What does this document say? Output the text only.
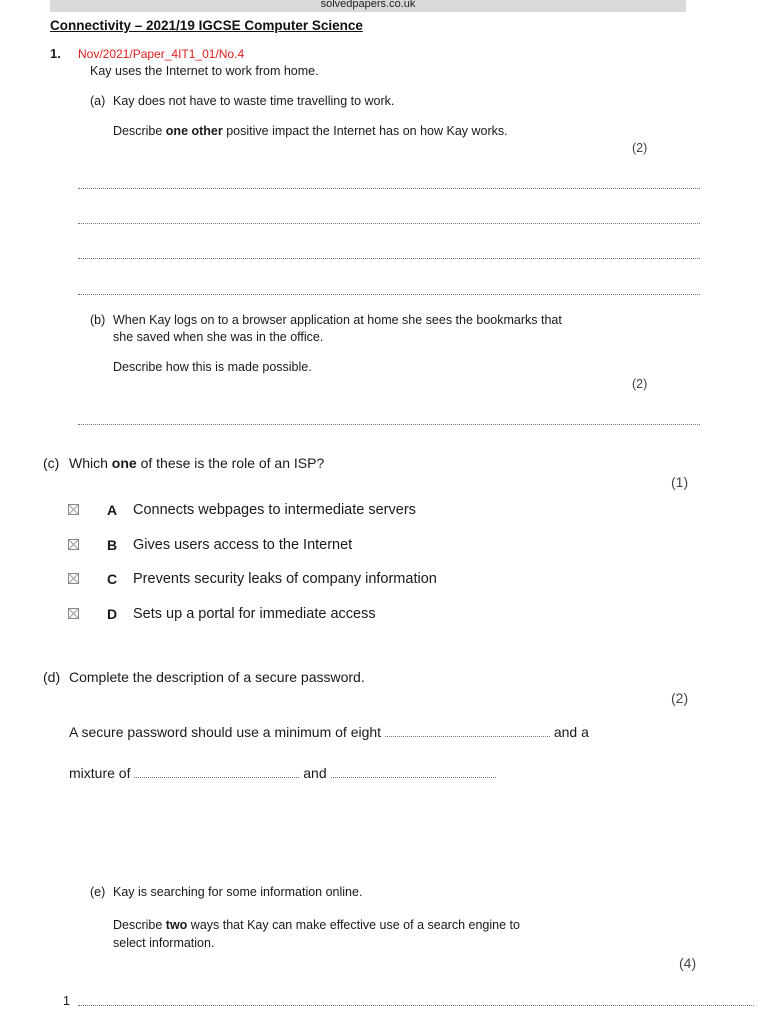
solvedpapers.co.uk
Connectivity – 2021/19 IGCSE Computer Science
1. Nov/2021/Paper_4IT1_01/No.4
Kay uses the Internet to work from home.
(a) Kay does not have to waste time travelling to work.
Describe one other positive impact the Internet has on how Kay works.
(2)
(b) When Kay logs on to a browser application at home she sees the bookmarks that
she saved when she was in the office.
Describe how this is made possible.
(2)
(c) Which one of these is the role of an ISP?
(1)
A Connects webpages to intermediate servers
B Gives users access to the Internet
C Prevents security leaks of company information
D Sets up a portal for immediate access
(d) Complete the description of a secure password.
(2)
A secure password should use a minimum of eight	and a
mixture of	and
(e) Kay is searching for some information online.
Describe two ways that Kay can make effective use of a search engine to
select information.
(4)
1
